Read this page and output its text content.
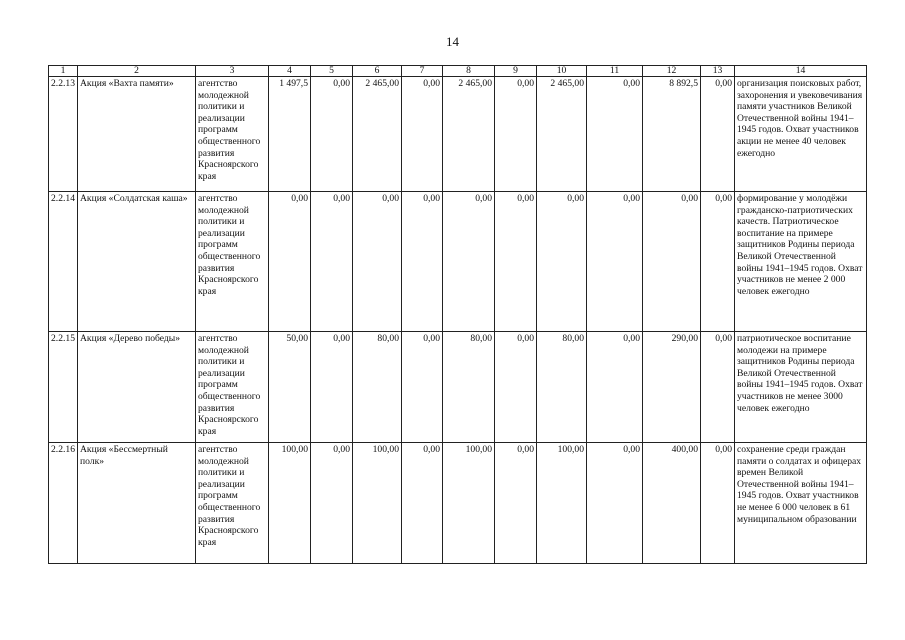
14
1	2	3	4	5	6	7	8	9	10	11	12	13	14
2.2.13	Акция «Вахта памяти»	агентство молодежной политики и реализации программ общественного развития Красноярского края	1 497,5	0,00	2 465,00	0,00	2 465,00	0,00	2 465,00	0,00	8 892,5	0,00	организация поисковых работ, захоронения и увековечивания памяти участников Великой Отечественной войны 1941–1945 годов. Охват участников акции не менее 40 человек ежегодно
2.2.14	Акция «Солдатская каша»	агентство молодежной политики и реализации программ общественного развития Красноярского края	0,00	0,00	0,00	0,00	0,00	0,00	0,00	0,00	0,00	0,00	формирование у молодёжи гражданско-патриотических качеств. Патриотическое воспитание на примере защитников Родины периода Великой Отечественной войны 1941–1945 годов. Охват участников не менее 2 000 человек ежегодно
2.2.15	Акция «Дерево победы»	агентство молодежной политики и реализации программ общественного развития Красноярского края	50,00	0,00	80,00	0,00	80,00	0,00	80,00	0,00	290,00	0,00	патриотическое воспитание молодежи на примере защитников Родины периода Великой Отечественной войны 1941–1945 годов. Охват участников не менее 3000 человек ежегодно
2.2.16	Акция «Бессмертный полк»	агентство молодежной политики и реализации программ общественного развития Красноярского края	100,00	0,00	100,00	0,00	100,00	0,00	100,00	0,00	400,00	0,00	сохранение среди граждан памяти о солдатах и офицерах времен Великой Отечественной войны 1941–1945 годов. Охват участников не менее 6 000 человек в 61 муниципальном образовании
